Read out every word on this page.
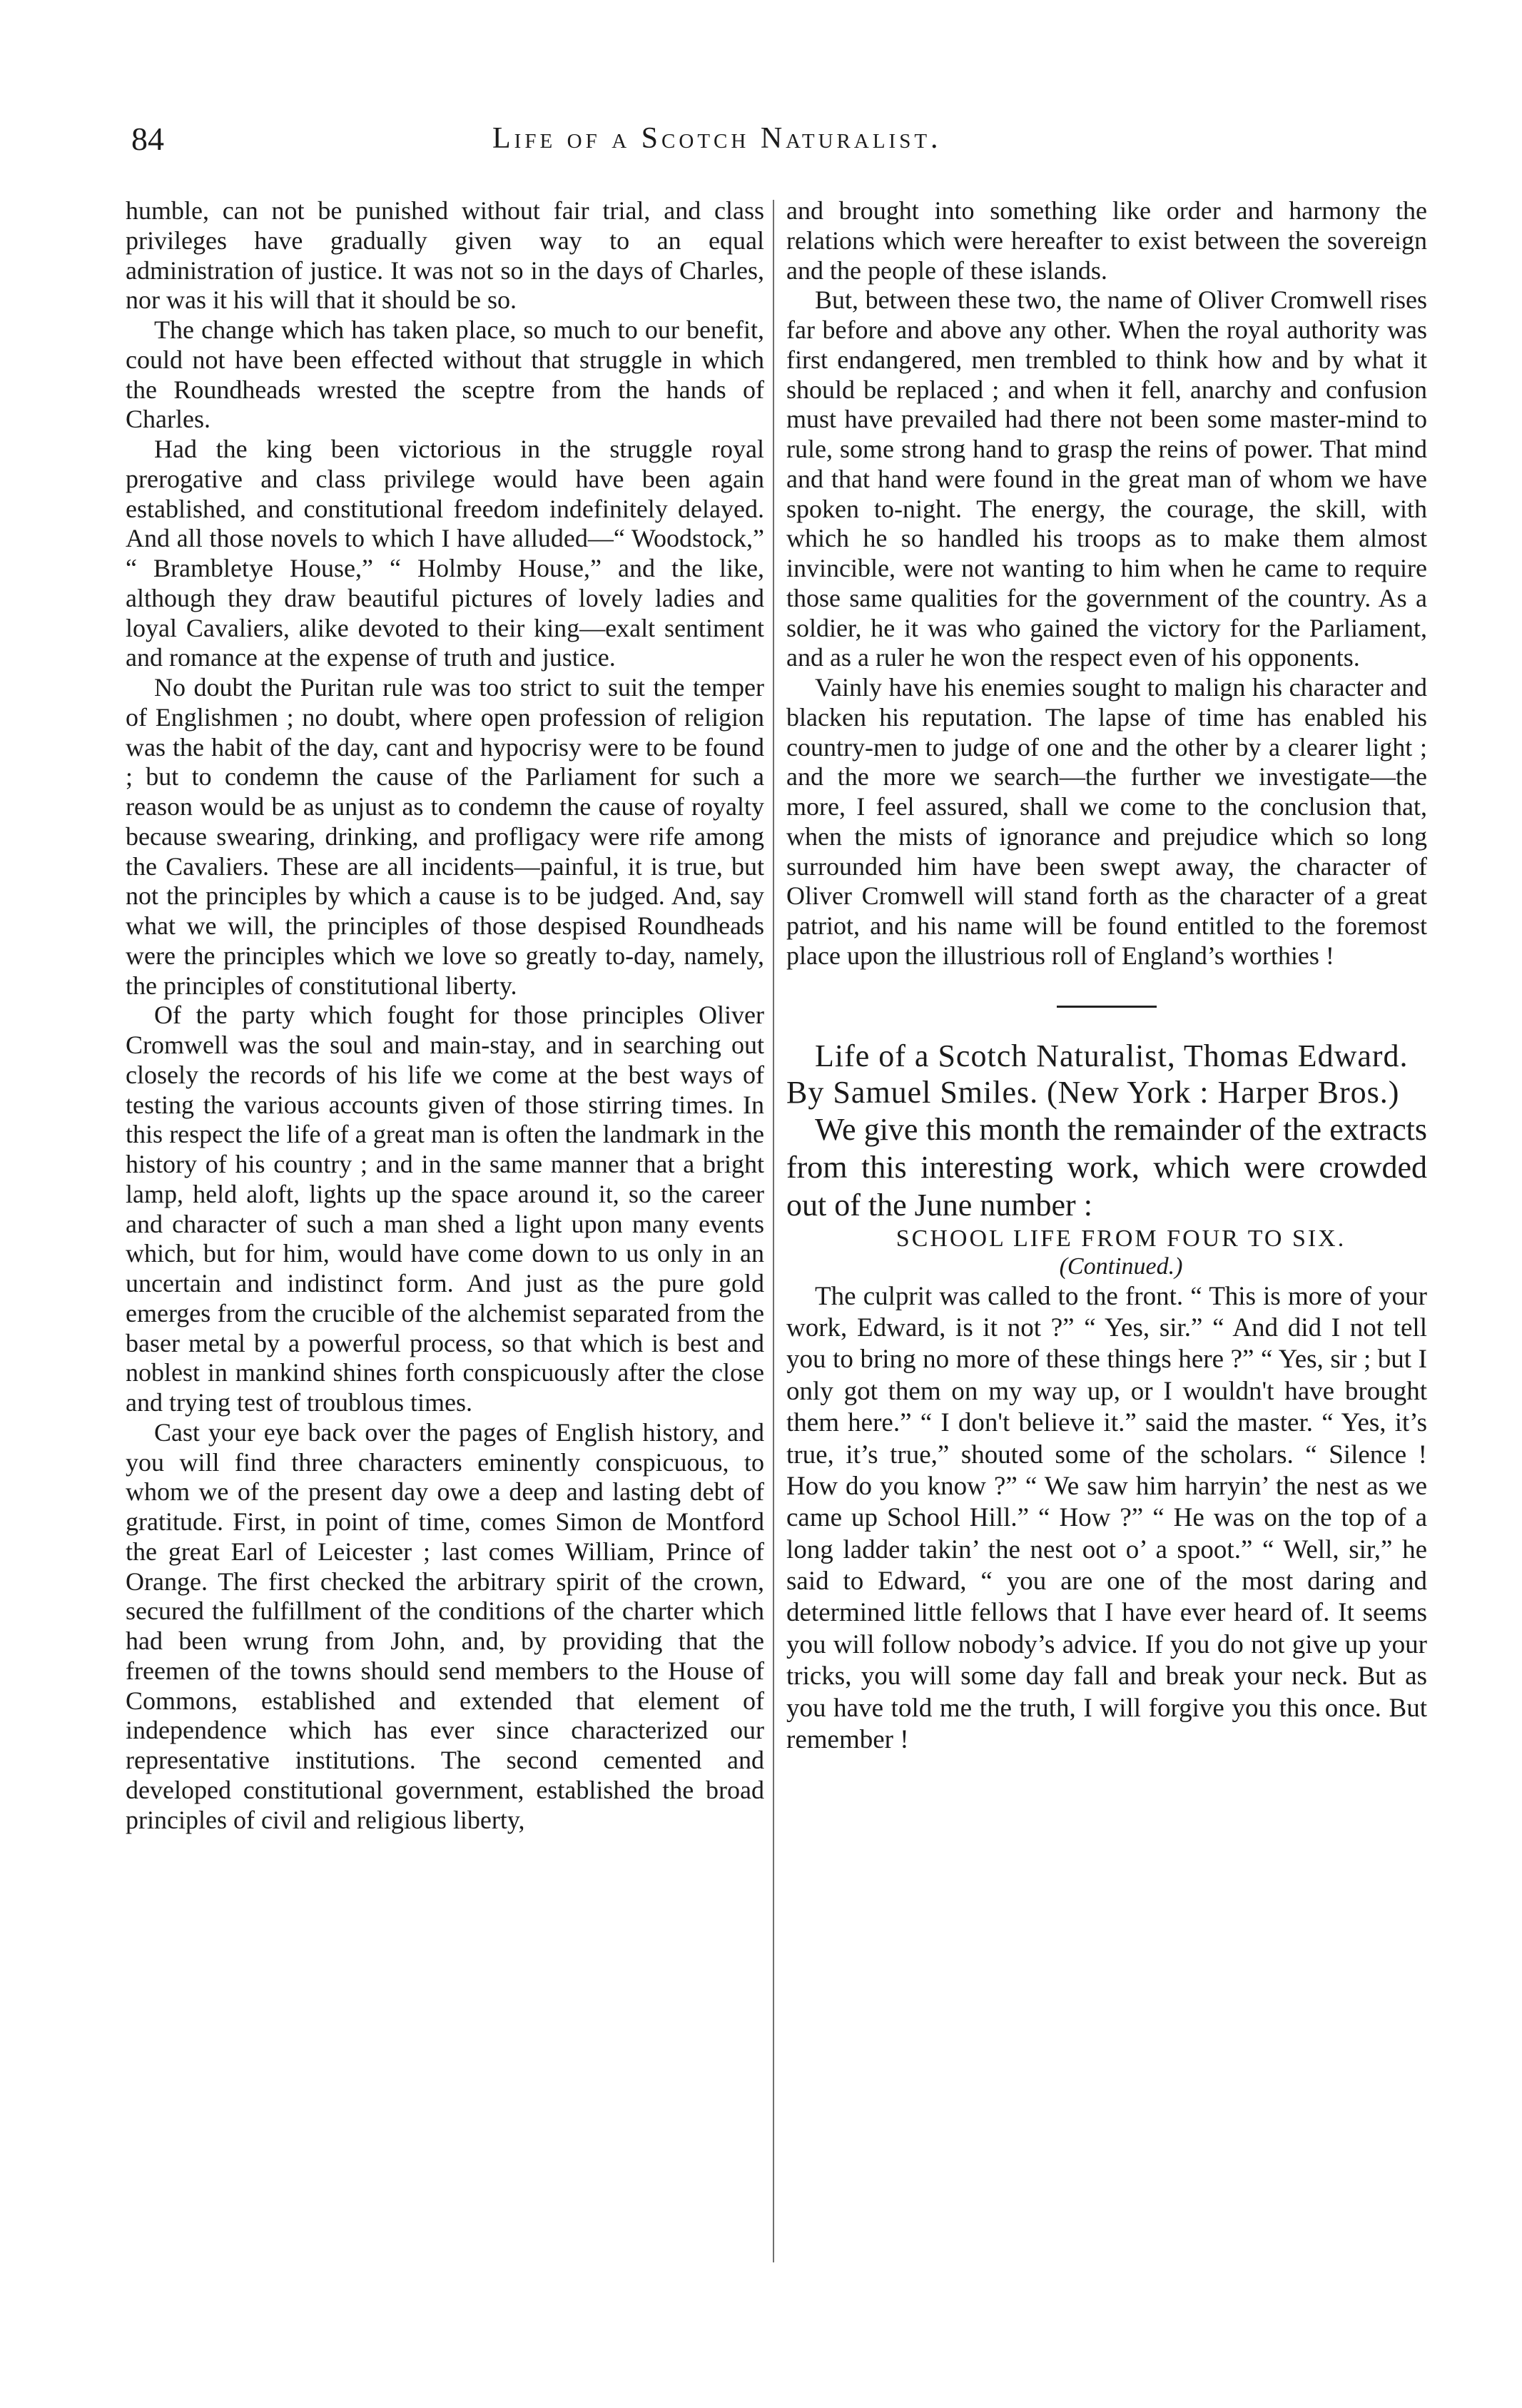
84	Life of a Scotch Naturalist.

humble, can not be punished without fair trial, and class privileges have gradually given way to an equal administration of justice. It was not so in the days of Charles, nor was it his will that it should be so.

The change which has taken place, so much to our benefit, could not have been effected without that struggle in which the Roundheads wrested the sceptre from the hands of Charles.

Had the king been victorious in the struggle royal prerogative and class privilege would have been again established, and constitutional freedom indefinitely delayed. And all those novels to which I have alluded—“ Woodstock,” “ Brambletye House,” “ Holmby House,” and the like, although they draw beautiful pictures of lovely ladies and loyal Cavaliers, alike devoted to their king—exalt sentiment and romance at the expense of truth and justice.

No doubt the Puritan rule was too strict to suit the temper of Englishmen ; no doubt, where open profession of religion was the habit of the day, cant and hypocrisy were to be found ; but to condemn the cause of the Parliament for such a reason would be as unjust as to condemn the cause of royalty because swearing, drinking, and profligacy were rife among the Cavaliers. These are all incidents—painful, it is true, but not the principles by which a cause is to be judged. And, say what we will, the principles of those despised Roundheads were the principles which we love so greatly to-day, namely, the principles of constitutional liberty.

Of the party which fought for those principles Oliver Cromwell was the soul and main-stay, and in searching out closely the records of his life we come at the best ways of testing the various accounts given of those stirring times. In this respect the life of a great man is often the landmark in the history of his country ; and in the same manner that a bright lamp, held aloft, lights up the space around it, so the career and character of such a man shed a light upon many events which, but for him, would have come down to us only in an uncertain and indistinct form. And just as the pure gold emerges from the crucible of the alchemist separated from the baser metal by a powerful process, so that which is best and noblest in mankind shines forth conspicuously after the close and trying test of troublous times.

Cast your eye back over the pages of English history, and you will find three characters eminently conspicuous, to whom we of the present day owe a deep and lasting debt of gratitude. First, in point of time, comes Simon de Montford the great Earl of Leicester ; last comes William, Prince of Orange. The first checked the arbitrary spirit of the crown, secured the fulfillment of the conditions of the charter which had been wrung from John, and, by providing that the freemen of the towns should send members to the House of Commons, established and extended that element of independence which has ever since characterized our representative institutions. The second cemented and developed constitutional government, established the broad principles of civil and religious liberty,

and brought into something like order and harmony the relations which were hereafter to exist between the sovereign and the people of these islands.

But, between these two, the name of Oliver Cromwell rises far before and above any other. When the royal authority was first endangered, men trembled to think how and by what it should be replaced ; and when it fell, anarchy and confusion must have prevailed had there not been some master-mind to rule, some strong hand to grasp the reins of power. That mind and that hand were found in the great man of whom we have spoken to-night. The energy, the courage, the skill, with which he so handled his troops as to make them almost invincible, were not wanting to him when he came to require those same qualities for the government of the country. As a soldier, he it was who gained the victory for the Parliament, and as a ruler he won the respect even of his opponents.

Vainly have his enemies sought to malign his character and blacken his reputation. The lapse of time has enabled his country-men to judge of one and the other by a clearer light ; and the more we search—the further we investigate—the more, I feel assured, shall we come to the conclusion that, when the mists of ignorance and prejudice which so long surrounded him have been swept away, the character of Oliver Cromwell will stand forth as the character of a great patriot, and his name will be found entitled to the foremost place upon the illustrious roll of England’s worthies !

Life of a Scotch Naturalist, Thomas Edward. By Samuel Smiles. (New York : Harper Bros.)

We give this month the remainder of the extracts from this interesting work, which were crowded out of the June number :

SCHOOL LIFE FROM FOUR TO SIX.

(Continued.)

The culprit was called to the front. “ This is more of your work, Edward, is it not ?” “ Yes, sir.” “ And did I not tell you to bring no more of these things here ?” “ Yes, sir ; but I only got them on my way up, or I wouldn't have brought them here.” “ I don't believe it.” said the master. “ Yes, it’s true, it’s true,” shouted some of the scholars. “ Silence ! How do you know ?” “ We saw him harryin’ the nest as we came up School Hill.” “ How ?” “ He was on the top of a long ladder takin’ the nest oot o’ a spoot.” “ Well, sir,” he said to Edward, “ you are one of the most daring and determined little fellows that I have ever heard of. It seems you will follow nobody’s advice. If you do not give up your tricks, you will some day fall and break your neck. But as you have told me the truth, I will forgive you this once. But remember !
